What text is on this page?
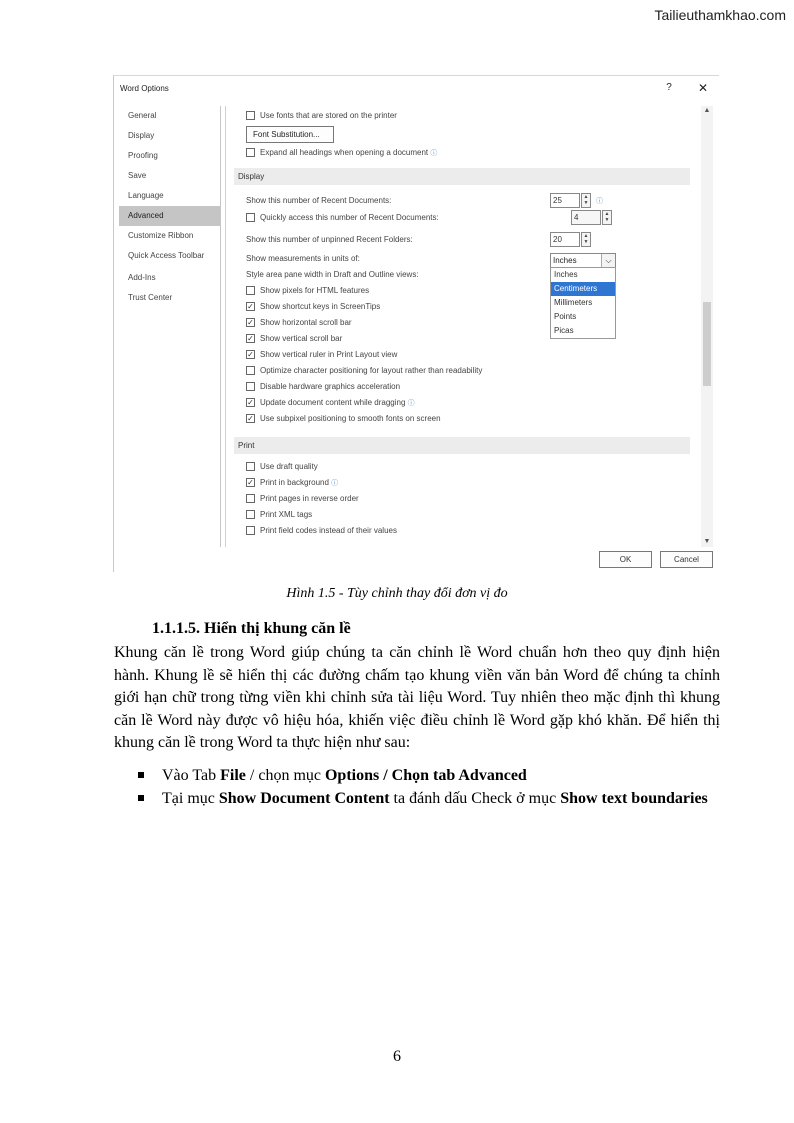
Tailieuthamkhao.com
Word Options	? ✕
General
Display
Proofing
Save
Language
Advanced
Customize Ribbon
Quick Access Toolbar
Add-Ins
Trust Center
Use fonts that are stored on the printer
Font Substitution...
Expand all headings when opening a document ⓘ
Display
Show this number of Recent Documents:	25	▲
▼	ⓘ
Quickly access this number of Recent Documents:	4	▲
▼
Show this number of unpinned Recent Folders:	20	▲
▼
Show measurements in units of:	Inches	⌵
Style area pane width in Draft and Outline views:
Show pixels for HTML features
✓ Show shortcut keys in ScreenTips
✓ Show horizontal scroll bar
✓ Show vertical scroll bar
✓ Show vertical ruler in Print Layout view
Optimize character positioning for layout rather than readability
Disable hardware graphics acceleration
✓ Update document content while dragging ⓘ
✓ Use subpixel positioning to smooth fonts on screen
Print
Use draft quality
✓ Print in background ⓘ
Print pages in reverse order
Print XML tags
Print field codes instead of their values
Inches
Centimeters
Millimeters
Points
Picas
▲
▼
OK	Cancel
Hình 1.5 - Tùy chỉnh thay đổi đơn vị đo
1.1.1.5. Hiển thị khung căn lề
Khung căn lề trong Word giúp chúng ta căn chỉnh lề Word chuẩn hơn theo quy định hiện hành. Khung lề sẽ hiển thị các đường chấm tạo khung viền văn bản Word để chúng ta chỉnh giới hạn chữ trong từng viền khi chỉnh sửa tài liệu Word. Tuy nhiên theo mặc định thì khung căn lề Word này được vô hiệu hóa, khiến việc điều chỉnh lề Word gặp khó khăn. Để hiển thị khung căn lề trong Word ta thực hiện như sau:
Vào Tab File / chọn mục Options / Chọn tab Advanced
Tại mục Show Document Content ta đánh dấu Check ở mục Show text boundaries
6
